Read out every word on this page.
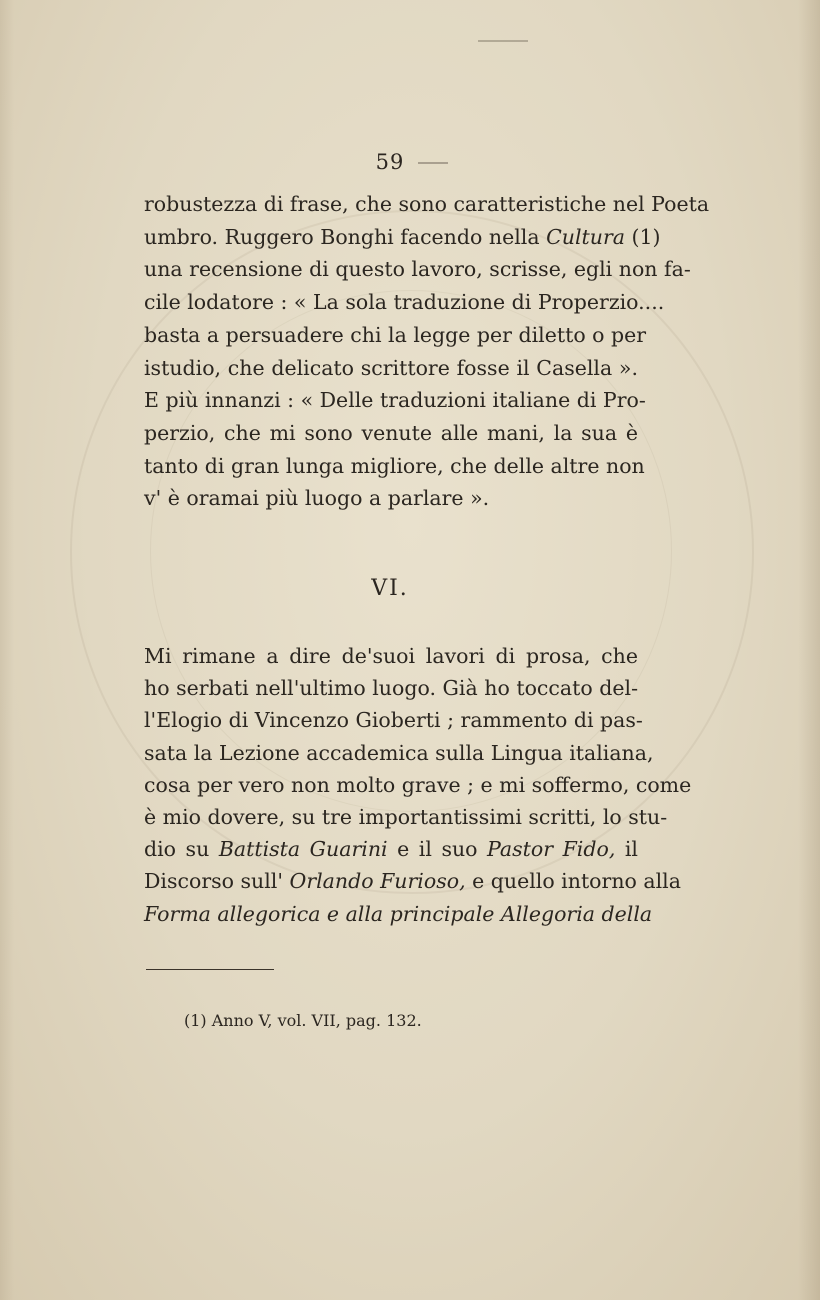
59
robustezza di frase, che sono caratteristiche nel Poeta
umbro. Ruggero Bonghi facendo nella Cultura (1)
una recensione di questo lavoro, scrisse, egli non fa-
cile lodatore : « La sola traduzione di Properzio....
basta a persuadere chi la legge per diletto o per
istudio, che delicato scrittore fosse il Casella ».
E più innanzi : « Delle traduzioni italiane di Pro-
perzio, che mi sono venute alle mani, la sua è
tanto di gran lunga migliore, che delle altre non
v' è oramai più luogo a parlare ».
VI.
Mi rimane a dire de'suoi lavori di prosa, che
ho serbati nell'ultimo luogo. Già ho toccato del-
l'Elogio di Vincenzo Gioberti ; rammento di pas-
sata la Lezione accademica sulla Lingua italiana,
cosa per vero non molto grave ; e mi soffermo, come
è mio dovere, su tre importantissimi scritti, lo stu-
dio su Battista Guarini e il suo Pastor Fido, il
Discorso sull' Orlando Furioso, e quello intorno alla
Forma allegorica e alla principale Allegoria della
(1) Anno V, vol. VII, pag. 132.
